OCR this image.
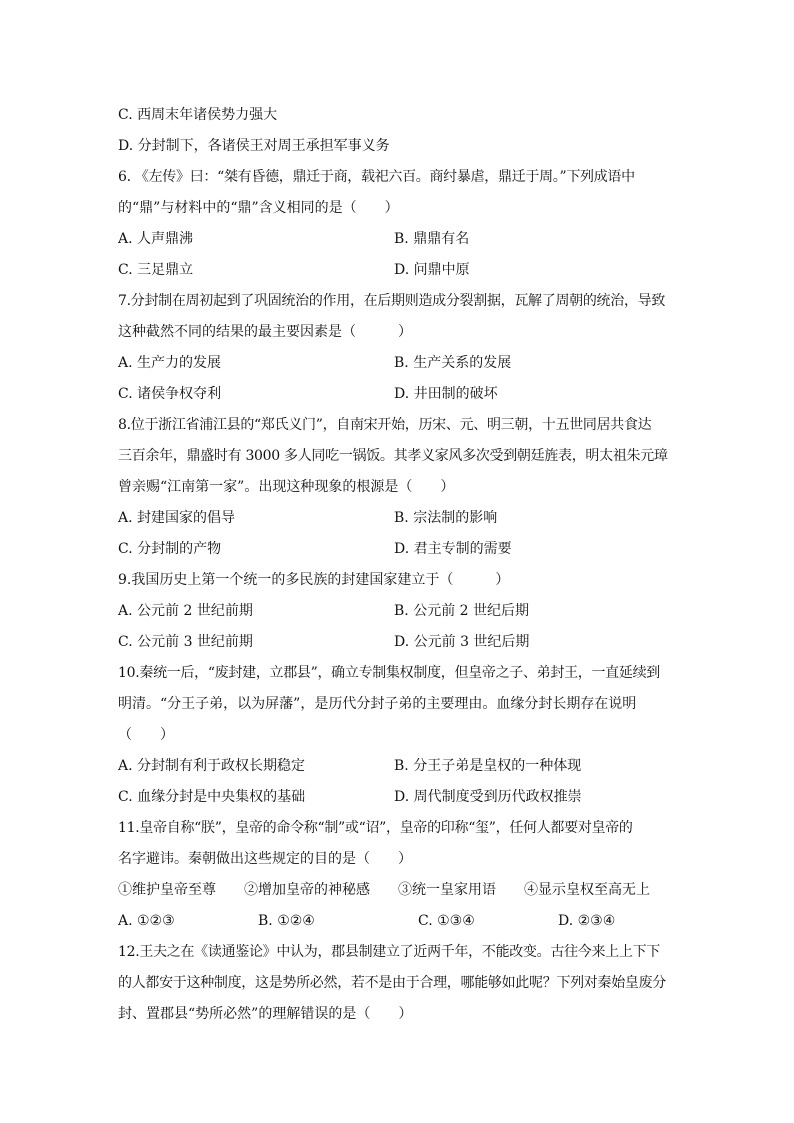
C. 西周末年诸侯势力强大
D. 分封制下，各诸侯王对周王承担军事义务
6. 《左传》曰：“桀有昏德，鼎迁于商，载祀六百。商纣暴虐，鼎迁于周。”下列成语中
的“鼎”与材料中的“鼎”含义相同的是（　　）
A. 人声鼎沸	B. 鼎鼎有名
C. 三足鼎立	D. 问鼎中原
7.分封制在周初起到了巩固统治的作用，在后期则造成分裂割据，瓦解了周朝的统治，导致
这种截然不同的结果的最主要因素是（　　　）
A. 生产力的发展	B. 生产关系的发展
C. 诸侯争权夺利	D. 井田制的破坏
8.位于浙江省浦江县的“郑氏义门”，自南宋开始，历宋、元、明三朝，十五世同居共食达
三百余年，鼎盛时有 3000 多人同吃一锅饭。其孝义家风多次受到朝廷旌表，明太祖朱元璋
曾亲赐“江南第一家”。出现这种现象的根源是（　　）
A. 封建国家的倡导	B. 宗法制的影响
C. 分封制的产物	D. 君主专制的需要
9.我国历史上第一个统一的多民族的封建国家建立于（　　　）
A. 公元前 2 世纪前期	B. 公元前 2 世纪后期
C. 公元前 3 世纪前期	D. 公元前 3 世纪后期
10.秦统一后，“废封建，立郡县”，确立专制集权制度，但皇帝之子、弟封王，一直延续到
明清。“分王子弟，以为屏藩”，是历代分封子弟的主要理由。血缘分封长期存在说明
（　　）
A. 分封制有利于政权长期稳定	B. 分王子弟是皇权的一种体现
C. 血缘分封是中央集权的基础	D. 周代制度受到历代政权推崇
11.皇帝自称“朕”，皇帝的命令称“制”或“诏”，皇帝的印称“玺”，任何人都要对皇帝的
名字避讳。秦朝做出这些规定的目的是（　　）
①维护皇帝至尊　　②增加皇帝的神秘感　　③统一皇家用语　　④显示皇权至高无上
A. ①②③	B. ①②④	C. ①③④	D. ②③④
12.王夫之在《读通鉴论》中认为，郡县制建立了近两千年，不能改变。古往今来上上下下
的人都安于这种制度，这是势所必然，若不是由于合理，哪能够如此呢？下列对秦始皇废分
封、置郡县“势所必然”的理解错误的是（　　）
